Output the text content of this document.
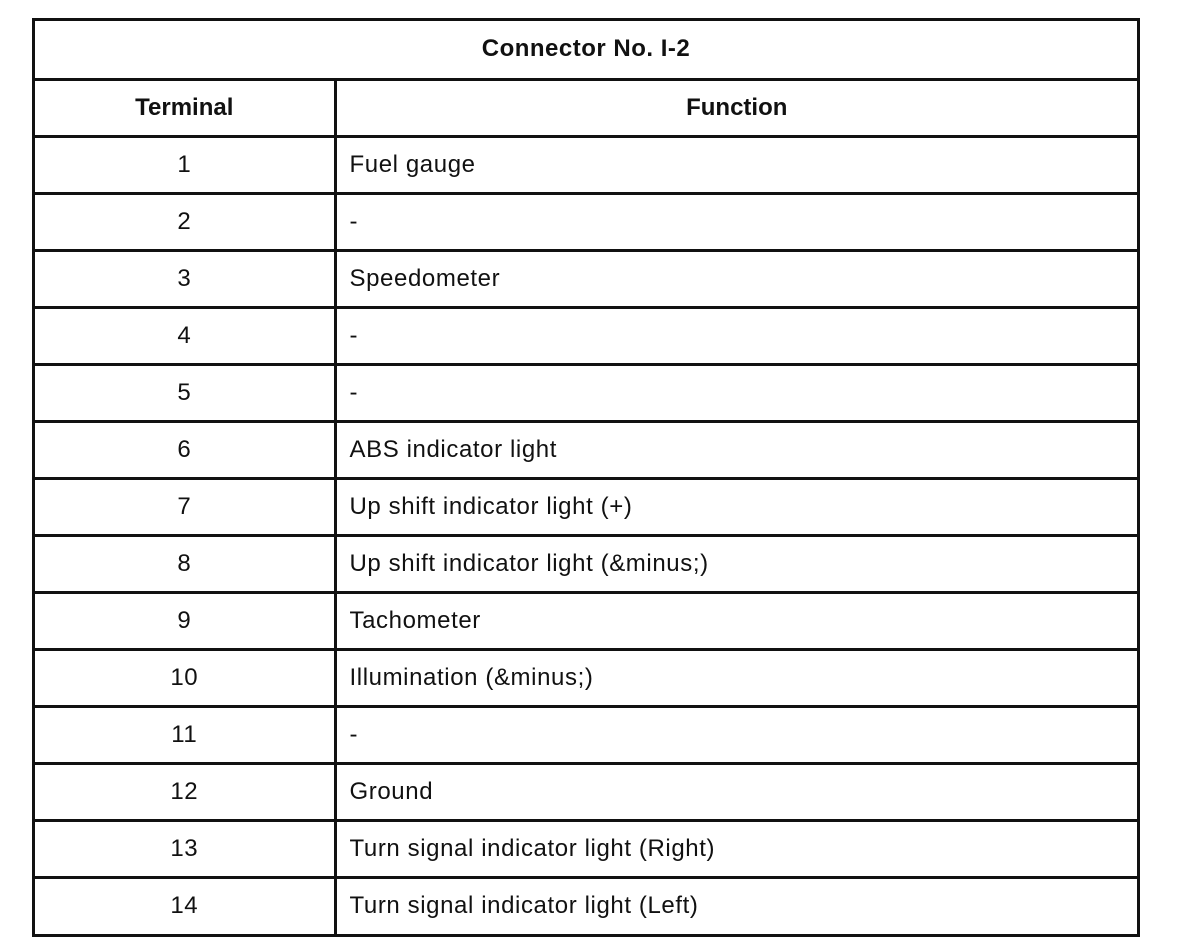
Connector No. I-2	
Terminal	Function
1	Fuel gauge
2	-
3	Speedometer
4	-
5	-
6	ABS indicator light
7	Up shift indicator light (+)
8	Up shift indicator light (&minus;)
9	Tachometer
10	Illumination (&minus;)
11	-
12	Ground
13	Turn signal indicator light (Right)
14	Turn signal indicator light (Left)
